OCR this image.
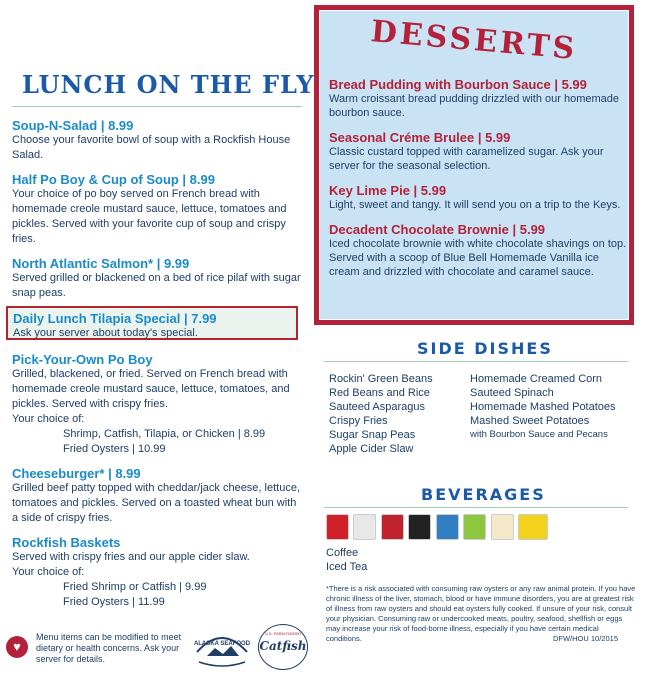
LUNCH ON THE FLY

Soup-N-Salad | 8.99

Choose your favorite bowl of soup with a Rockfish House Salad.

Half Po Boy & Cup of Soup | 8.99

Your choice of po boy served on French bread with homemade creole mustard sauce, lettuce, tomatoes and pickles. Served with your favorite cup of soup and crispy fries.

North Atlantic Salmon* | 9.99

Served grilled or blackened on a bed of rice pilaf with sugar snap peas.

Daily Lunch Tilapia Special | 7.99

Ask your server about today's special.

Pick-Your-Own Po Boy

Grilled, blackened, or fried. Served on French bread with homemade creole mustard sauce, lettuce, tomatoes, and pickles. Served with crispy fries.

Your choice of:

Shrimp, Catfish, Tilapia, or Chicken | 8.99
Fried Oysters | 10.99

Cheeseburger* | 8.99

Grilled beef patty topped with cheddar/jack cheese, lettuce, tomatoes and pickles. Served on a toasted wheat bun with a side of crispy fries.

Rockfish Baskets

Served with crispy fries and our apple cider slaw.

Your choice of:

Fried Shrimp or Catfish | 9.99
Fried Oysters | 11.99
♥
Menu items can be modified to meet dietary or health concerns. Ask your server for details.
ALASKA SEAFOOD
U.S. FARM-RAISED
Catfish
DESSERTS

Bread Pudding with Bourbon Sauce | 5.99

Warm croissant bread pudding drizzled with our homemade bourbon sauce.

Seasonal Créme Brulee | 5.99

Classic custard topped with caramelized sugar. Ask your server for the seasonal selection.

Key Lime Pie | 5.99

Light, sweet and tangy. It will send you on a trip to the Keys.

Decadent Chocolate Brownie | 5.99

Iced chocolate brownie with white chocolate shavings on top. Served with a scoop of Blue Bell Homemade Vanilla ice cream and drizzled with chocolate and caramel sauce.

SIDE DISHES
Rockin' Green Beans
Red Beans and Rice
Sauteed Asparagus
Crispy Fries
Sugar Snap Peas
Apple Cider Slaw
Homemade Creamed Corn
Sauteed Spinach
Homemade Mashed Potatoes
Mashed Sweet Potatoes
with Bourbon Sauce and Pecans
BEVERAGES

Coffee
Iced Tea
*There is a risk associated with consuming raw oysters or any raw animal protein. If you have chronic illness of the liver, stomach, blood or have immune disorders, you are at greatest risk of illness from raw oysters and should eat oysters fully cooked. If unsure of your risk, consult your physician. Consuming raw or undercooked meats, poultry, seafood, shellfish or eggs may increase your risk of food-borne illness, especially if you have certain medical conditions.	DFW/HOU 10/2015
